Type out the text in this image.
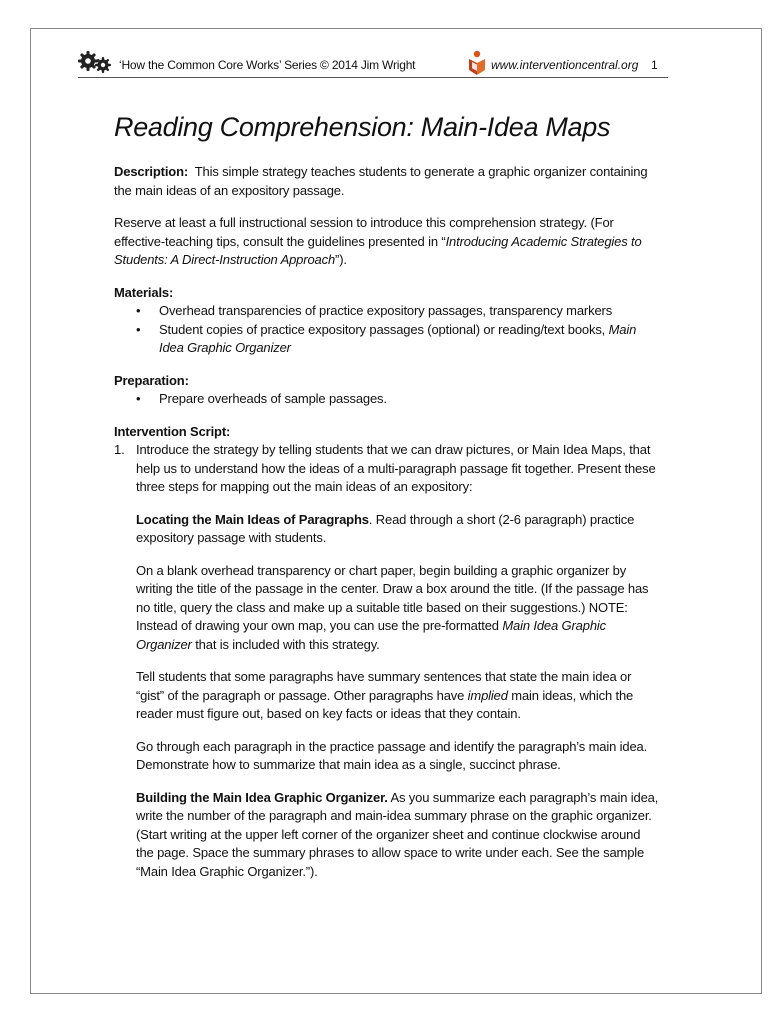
‘How the Common Core Works’ Series © 2014 Jim Wright	www.interventioncentral.org 1
Reading Comprehension: Main-Idea Maps

Description: This simple strategy teaches students to generate a graphic organizer containing the main ideas of an expository passage.

Reserve at least a full instructional session to introduce this comprehension strategy. (For effective-teaching tips, consult the guidelines presented in “Introducing Academic Strategies to Students: A Direct-Instruction Approach”).

Materials:
• Overhead transparencies of practice expository passages, transparency markers
• Student copies of practice expository passages (optional) or reading/text books, Main Idea Graphic Organizer
Preparation:
• Prepare overheads of sample passages.
Intervention Script:
1. Introduce the strategy by telling students that we can draw pictures, or Main Idea Maps, that help us to understand how the ideas of a multi-paragraph passage fit together. Present these three steps for mapping out the main ideas of an expository:

Locating the Main Ideas of Paragraphs. Read through a short (2-6 paragraph) practice expository passage with students.

On a blank overhead transparency or chart paper, begin building a graphic organizer by writing the title of the passage in the center. Draw a box around the title. (If the passage has no title, query the class and make up a suitable title based on their suggestions.) NOTE: Instead of drawing your own map, you can use the pre-formatted Main Idea Graphic Organizer that is included with this strategy.

Tell students that some paragraphs have summary sentences that state the main idea or “gist” of the paragraph or passage. Other paragraphs have implied main ideas, which the reader must figure out, based on key facts or ideas that they contain.

Go through each paragraph in the practice passage and identify the paragraph’s main idea. Demonstrate how to summarize that main idea as a single, succinct phrase.

Building the Main Idea Graphic Organizer. As you summarize each paragraph’s main idea, write the number of the paragraph and main-idea summary phrase on the graphic organizer. (Start writing at the upper left corner of the organizer sheet and continue clockwise around the page. Space the summary phrases to allow space to write under each. See the sample “Main Idea Graphic Organizer.”).
